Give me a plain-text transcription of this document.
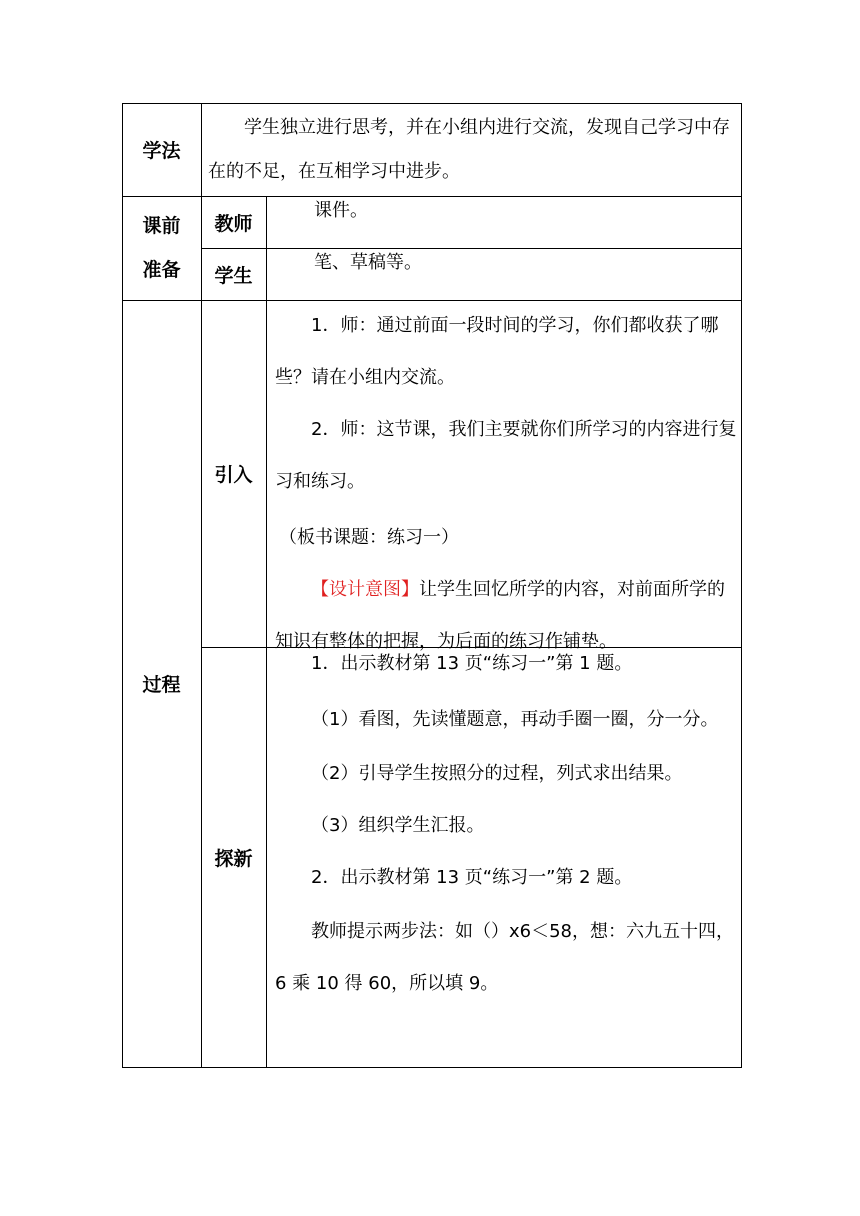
学法
学生独立进行思考，并在小组内进行交流，发现自己学习中存在的不足，在互相学习中进步。
课前
准备
教师
课件。
学生
笔、草稿等。
过程
引入
1．师：通过前面一段时间的学习，你们都收获了哪些？请在小组内交流。
2．师：这节课，我们主要就你们所学习的内容进行复习和练习。
（板书课题：练习一）
【设计意图】让学生回忆所学的内容，对前面所学的知识有整体的把握，为后面的练习作铺垫。
探新
1．出示教材第 13 页“练习一”第 1 题。
（1）看图，先读懂题意，再动手圈一圈，分一分。
（2）引导学生按照分的过程，列式求出结果。
（3）组织学生汇报。
2．出示教材第 13 页“练习一”第 2 题。
教师提示两步法：如（）x6＜58，想：六九五十四，6 乘 10 得 60，所以填 9。
